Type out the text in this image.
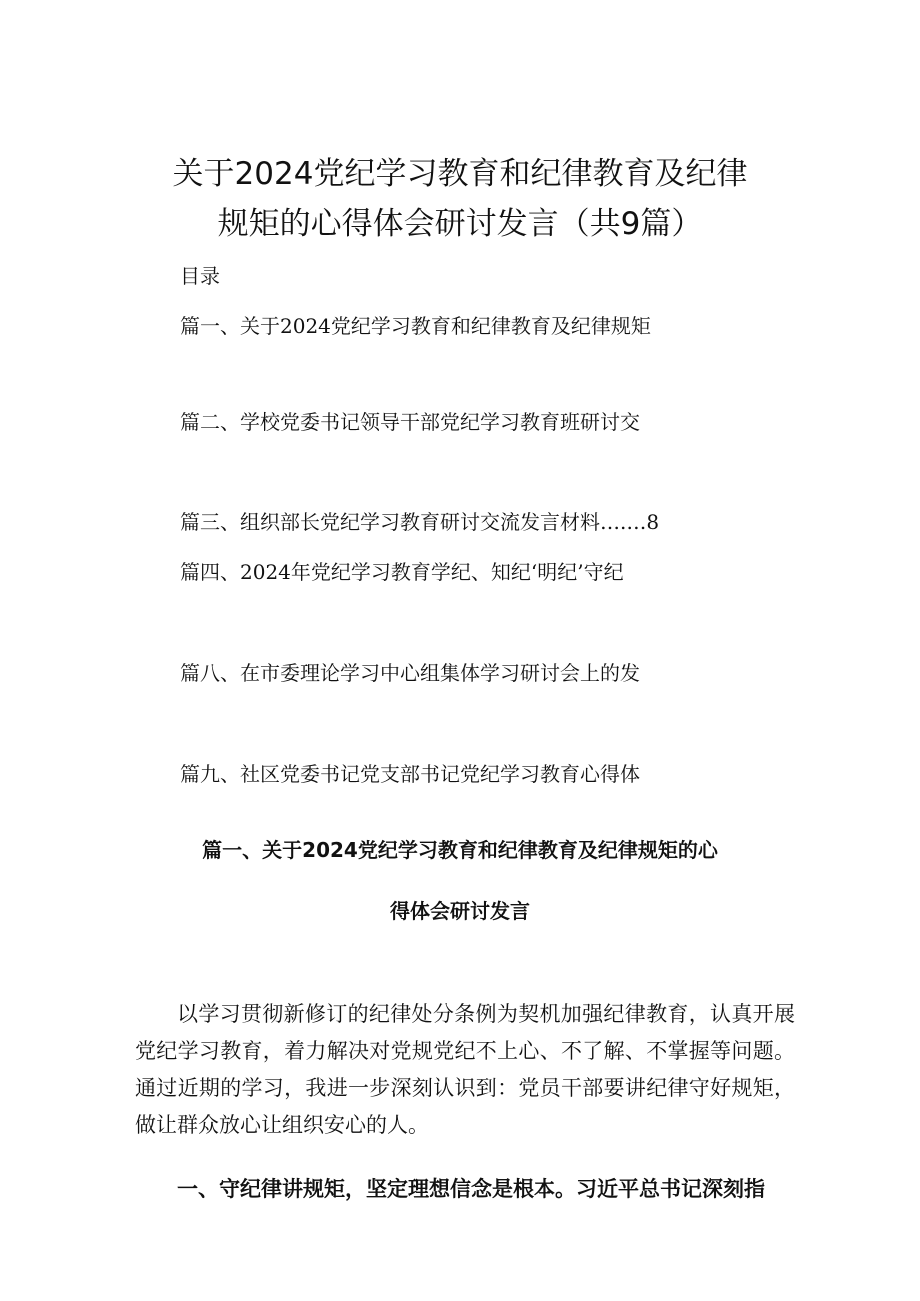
关于2024党纪学习教育和纪律教育及纪律
规矩的心得体会研讨发言（共9篇）
目录
篇一、关于2024党纪学习教育和纪律教育及纪律规矩
篇二、学校党委书记领导干部党纪学习教育班研讨交
篇三、组织部长党纪学习教育研讨交流发言材料….…8
篇四、2024年党纪学习教育学纪、知纪‘明纪’守纪
篇八、在市委理论学习中心组集体学习研讨会上的发
篇九、社区党委书记党支部书记党纪学习教育心得体
篇一、关于2024党纪学习教育和纪律教育及纪律规矩的心
得体会研讨发言

以学习贯彻新修订的纪律处分条例为契机加强纪律教育，认真开展党纪学习教育，着力解决对党规党纪不上心、不了解、不掌握等问题。通过近期的学习，我进一步深刻认识到：党员干部要讲纪律守好规矩，做让群众放心让组织安心的人。

一、守纪律讲规矩，坚定理想信念是根本。习近平总书记深刻指
